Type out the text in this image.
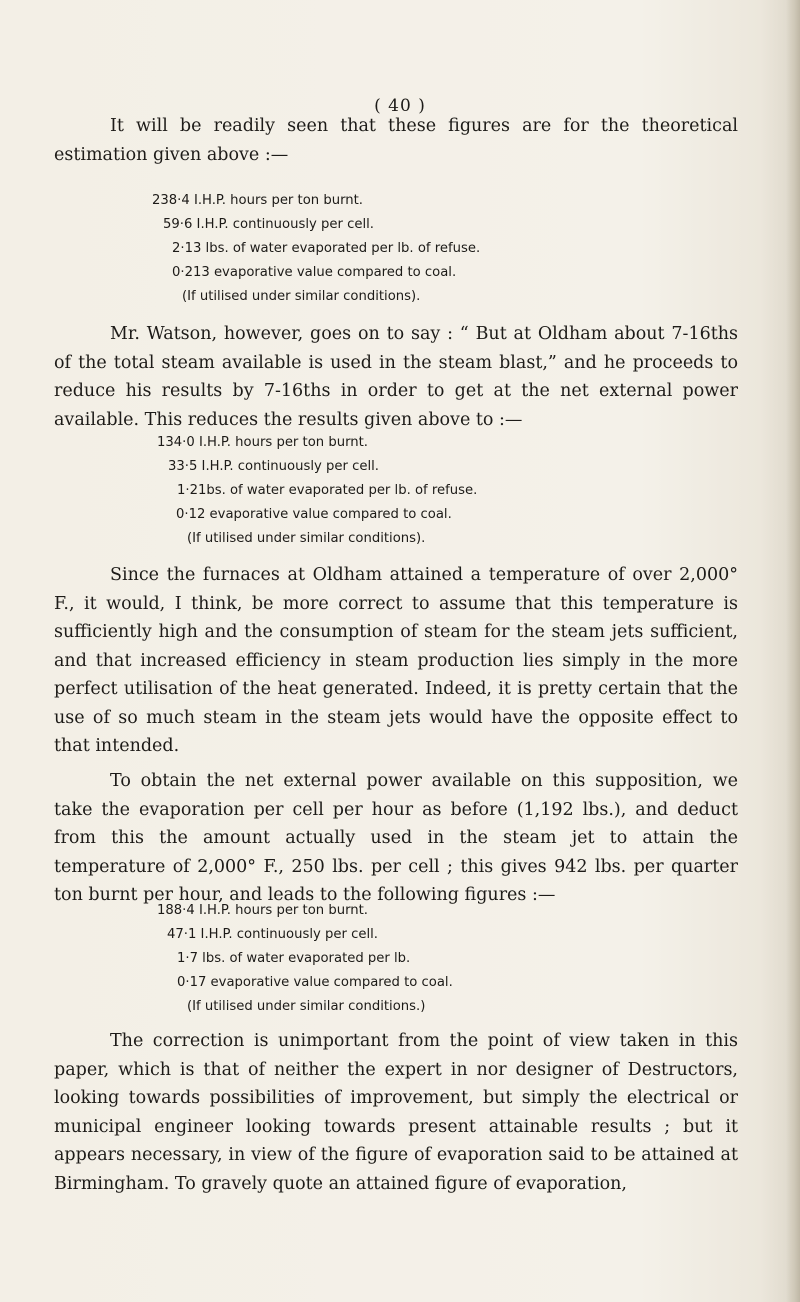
( 40 )

It will be readily seen that these figures are for the theoretical estimation given above :—

238·4 I.H.P. hours per ton burnt.
59·6 I.H.P. continuously per cell.
2·13 lbs. of water evaporated per lb. of refuse.
0·213 evaporative value compared to coal.
(If utilised under similar conditions).

Mr. Watson, however, goes on to say : “ But at Oldham about 7-16ths of the total steam available is used in the steam blast,” and he proceeds to reduce his results by 7-16ths in order to get at the net external power available. This reduces the results given above to :—

134·0 I.H.P. hours per ton burnt.
33·5 I.H.P. continuously per cell.
1·21bs. of water evaporated per lb. of refuse.
0·12 evaporative value compared to coal.
(If utilised under similar conditions).

Since the furnaces at Oldham attained a temperature of over 2,000° F., it would, I think, be more correct to assume that this temperature is sufficiently high and the consumption of steam for the steam jets sufficient, and that increased efficiency in steam production lies simply in the more perfect utilisation of the heat generated. Indeed, it is pretty certain that the use of so much steam in the steam jets would have the opposite effect to that intended.

To obtain the net external power available on this supposition, we take the evaporation per cell per hour as before (1,192 lbs.), and deduct from this the amount actually used in the steam jet to attain the temperature of 2,000° F., 250 lbs. per cell ; this gives 942 lbs. per quarter ton burnt per hour, and leads to the following figures :—

188·4 I.H.P. hours per ton burnt.
47·1 I.H.P. continuously per cell.
1·7 lbs. of water evaporated per lb.
0·17 evaporative value compared to coal.
(If utilised under similar conditions.)

The correction is unimportant from the point of view taken in this paper, which is that of neither the expert in nor designer of Destructors, looking towards possibilities of improvement, but simply the electrical or municipal engineer looking towards present attainable results ; but it appears necessary, in view of the figure of evaporation said to be attained at Birmingham. To gravely quote an attained figure of evaporation,
